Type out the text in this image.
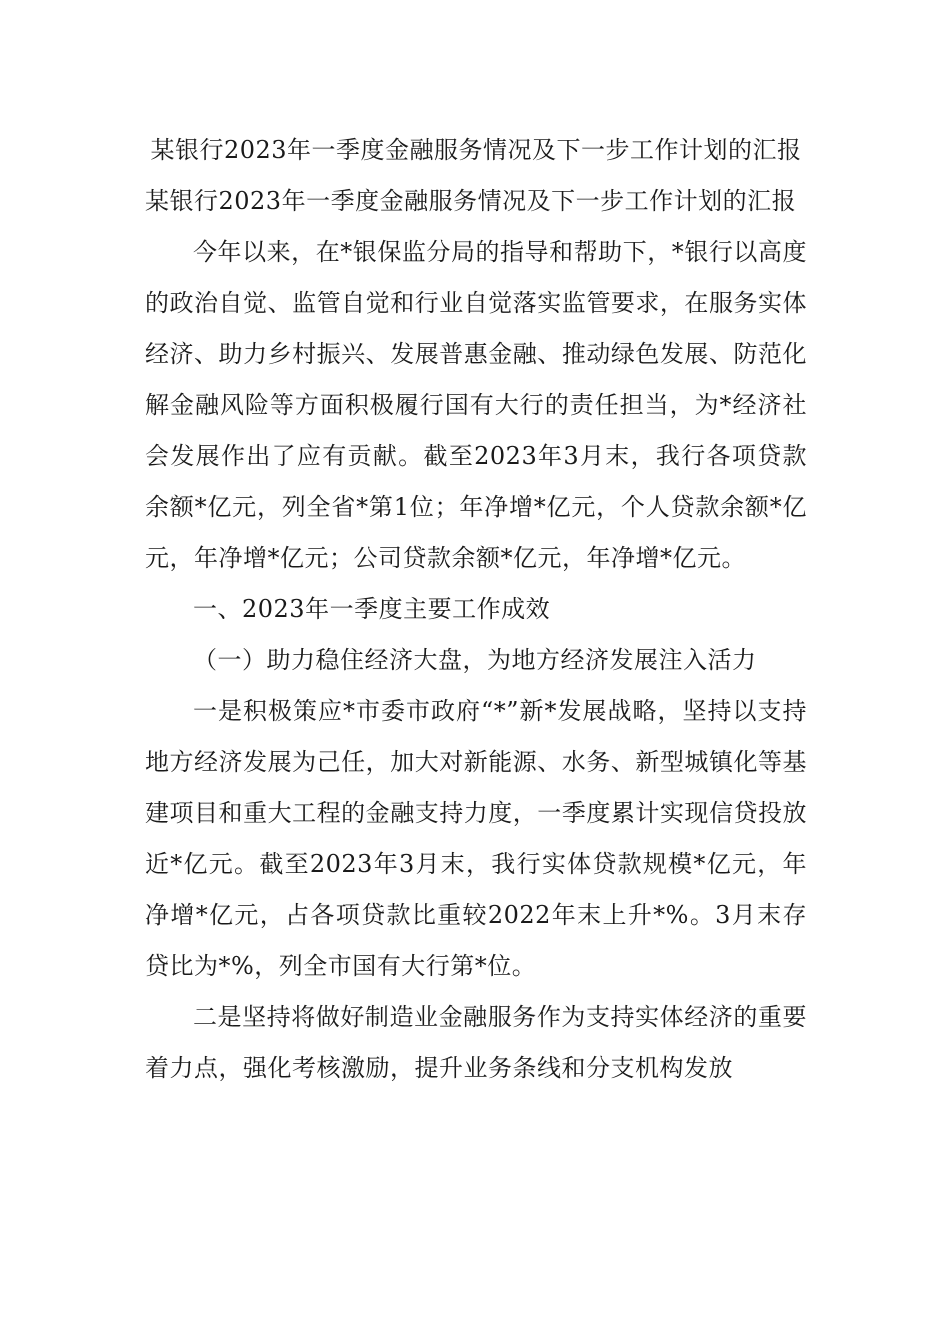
某银行2023年一季度金融服务情况及下一步工作计划的汇报
某银行2023年一季度金融服务情况及下一步工作计划的汇报

今年以来，在*银保监分局的指导和帮助下，*银行以高度的政治自觉、监管自觉和行业自觉落实监管要求，在服务实体经济、助力乡村振兴、发展普惠金融、推动绿色发展、防范化解金融风险等方面积极履行国有大行的责任担当，为*经济社会发展作出了应有贡献。截至2023年3月末，我行各项贷款余额*亿元，列全省*第1位；年净增*亿元，个人贷款余额*亿元，年净增*亿元；公司贷款余额*亿元，年净增*亿元。

一、2023年一季度主要工作成效

（一）助力稳住经济大盘，为地方经济发展注入活力

一是积极策应*市委市政府“*”新*发展战略，坚持以支持地方经济发展为己任，加大对新能源、水务、新型城镇化等基建项目和重大工程的金融支持力度，一季度累计实现信贷投放近*亿元。截至2023年3月末，我行实体贷款规模*亿元，年净增*亿元，占各项贷款比重较2022年末上升*%。3月末存贷比为*%，列全市国有大行第*位。

二是坚持将做好制造业金融服务作为支持实体经济的重要着力点，强化考核激励，提升业务条线和分支机构发放
